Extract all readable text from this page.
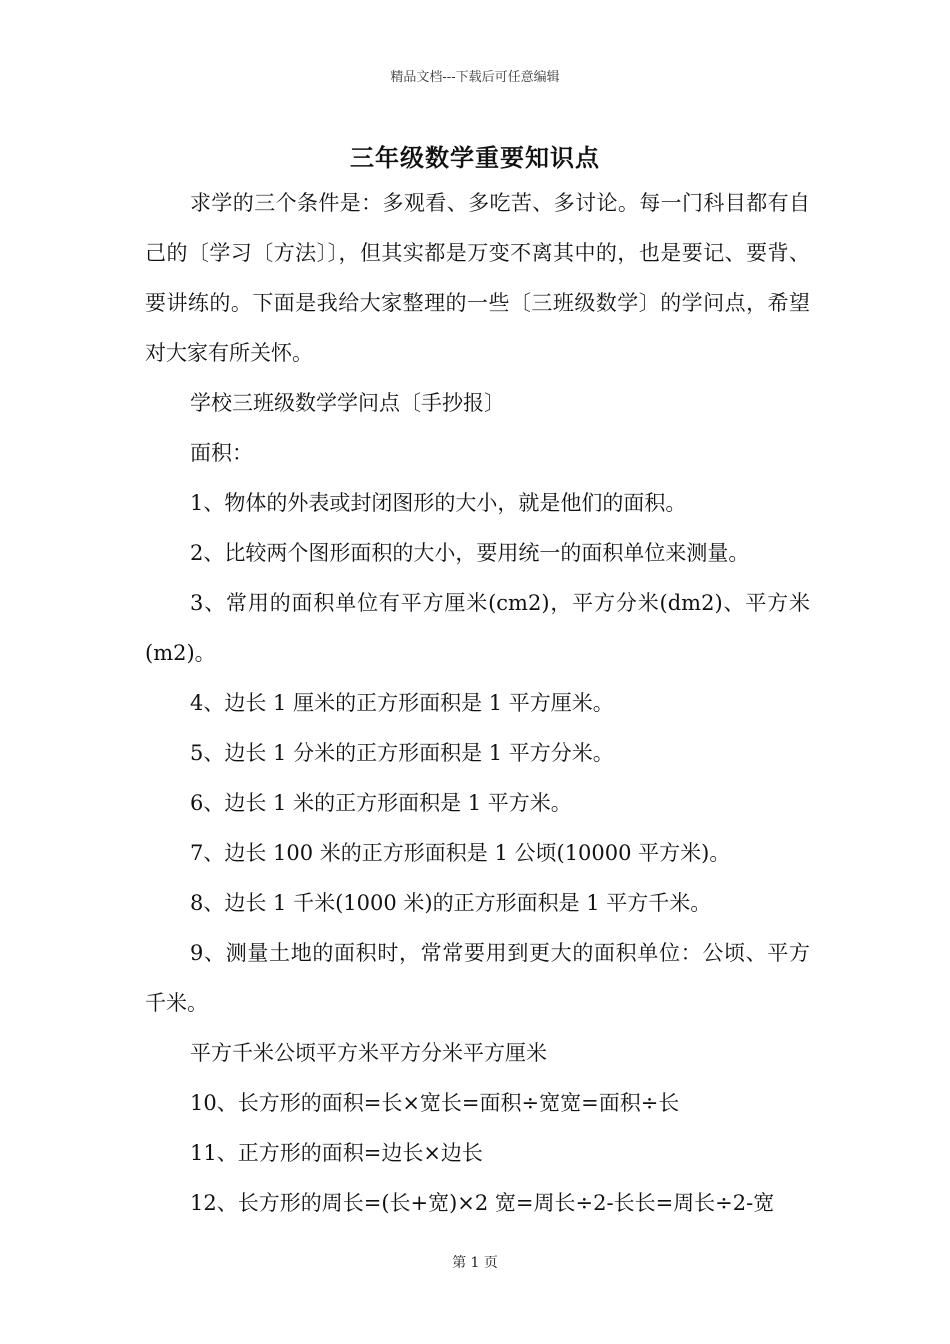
精品文档---下载后可任意编辑
三年级数学重要知识点

求学的三个条件是：多观看、多吃苦、多讨论。每一门科目都有自己的〔学习〔方法〕〕，但其实都是万变不离其中的，也是要记、要背、要讲练的。下面是我给大家整理的一些〔三班级数学〕的学问点，希望对大家有所关怀。

学校三班级数学学问点〔手抄报〕

面积：

1、物体的外表或封闭图形的大小，就是他们的面积。

2、比较两个图形面积的大小，要用统一的面积单位来测量。

3、常用的面积单位有平方厘米(cm2)，平方分米(dm2)、平方米(m2)。

4、边长 1 厘米的正方形面积是 1 平方厘米。

5、边长 1 分米的正方形面积是 1 平方分米。

6、边长 1 米的正方形面积是 1 平方米。

7、边长 100 米的正方形面积是 1 公顷(10000 平方米)。

8、边长 1 千米(1000 米)的正方形面积是 1 平方千米。

9、测量土地的面积时，常常要用到更大的面积单位：公顷、平方千米。

平方千米公顷平方米平方分米平方厘米

10、长方形的面积=长×宽长=面积÷宽宽=面积÷长

11、正方形的面积=边长×边长

12、长方形的周长=(长+宽)×2 宽=周长÷2-长长=周长÷2-宽

第 1 页
